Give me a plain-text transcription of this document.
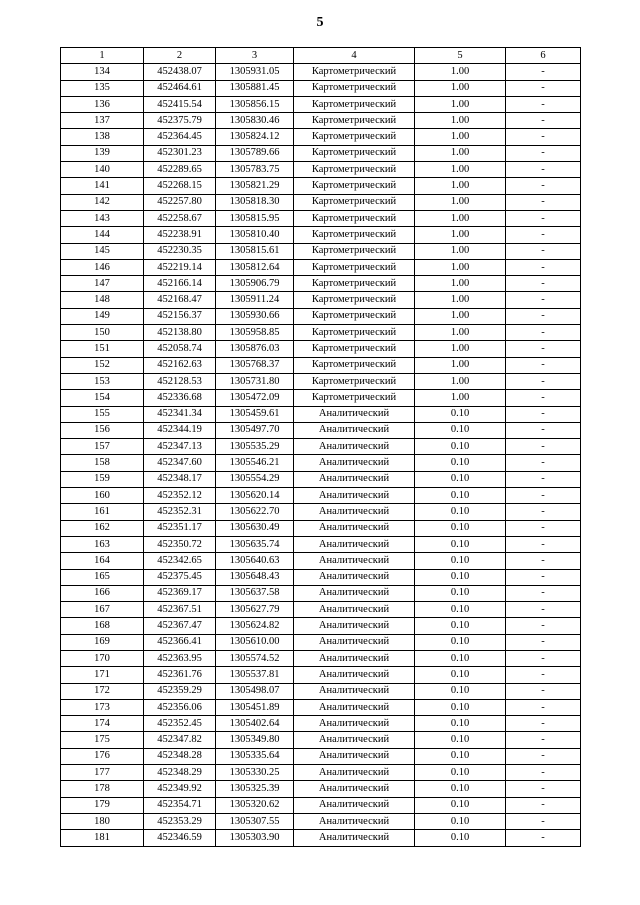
5
1	2	3	4	5	6
134	452438.07	1305931.05	Картометрический	1.00	-
135	452464.61	1305881.45	Картометрический	1.00	-
136	452415.54	1305856.15	Картометрический	1.00	-
137	452375.79	1305830.46	Картометрический	1.00	-
138	452364.45	1305824.12	Картометрический	1.00	-
139	452301.23	1305789.66	Картометрический	1.00	-
140	452289.65	1305783.75	Картометрический	1.00	-
141	452268.15	1305821.29	Картометрический	1.00	-
142	452257.80	1305818.30	Картометрический	1.00	-
143	452258.67	1305815.95	Картометрический	1.00	-
144	452238.91	1305810.40	Картометрический	1.00	-
145	452230.35	1305815.61	Картометрический	1.00	-
146	452219.14	1305812.64	Картометрический	1.00	-
147	452166.14	1305906.79	Картометрический	1.00	-
148	452168.47	1305911.24	Картометрический	1.00	-
149	452156.37	1305930.66	Картометрический	1.00	-
150	452138.80	1305958.85	Картометрический	1.00	-
151	452058.74	1305876.03	Картометрический	1.00	-
152	452162.63	1305768.37	Картометрический	1.00	-
153	452128.53	1305731.80	Картометрический	1.00	-
154	452336.68	1305472.09	Картометрический	1.00	-
155	452341.34	1305459.61	Аналитический	0.10	-
156	452344.19	1305497.70	Аналитический	0.10	-
157	452347.13	1305535.29	Аналитический	0.10	-
158	452347.60	1305546.21	Аналитический	0.10	-
159	452348.17	1305554.29	Аналитический	0.10	-
160	452352.12	1305620.14	Аналитический	0.10	-
161	452352.31	1305622.70	Аналитический	0.10	-
162	452351.17	1305630.49	Аналитический	0.10	-
163	452350.72	1305635.74	Аналитический	0.10	-
164	452342.65	1305640.63	Аналитический	0.10	-
165	452375.45	1305648.43	Аналитический	0.10	-
166	452369.17	1305637.58	Аналитический	0.10	-
167	452367.51	1305627.79	Аналитический	0.10	-
168	452367.47	1305624.82	Аналитический	0.10	-
169	452366.41	1305610.00	Аналитический	0.10	-
170	452363.95	1305574.52	Аналитический	0.10	-
171	452361.76	1305537.81	Аналитический	0.10	-
172	452359.29	1305498.07	Аналитический	0.10	-
173	452356.06	1305451.89	Аналитический	0.10	-
174	452352.45	1305402.64	Аналитический	0.10	-
175	452347.82	1305349.80	Аналитический	0.10	-
176	452348.28	1305335.64	Аналитический	0.10	-
177	452348.29	1305330.25	Аналитический	0.10	-
178	452349.92	1305325.39	Аналитический	0.10	-
179	452354.71	1305320.62	Аналитический	0.10	-
180	452353.29	1305307.55	Аналитический	0.10	-
181	452346.59	1305303.90	Аналитический	0.10	-
